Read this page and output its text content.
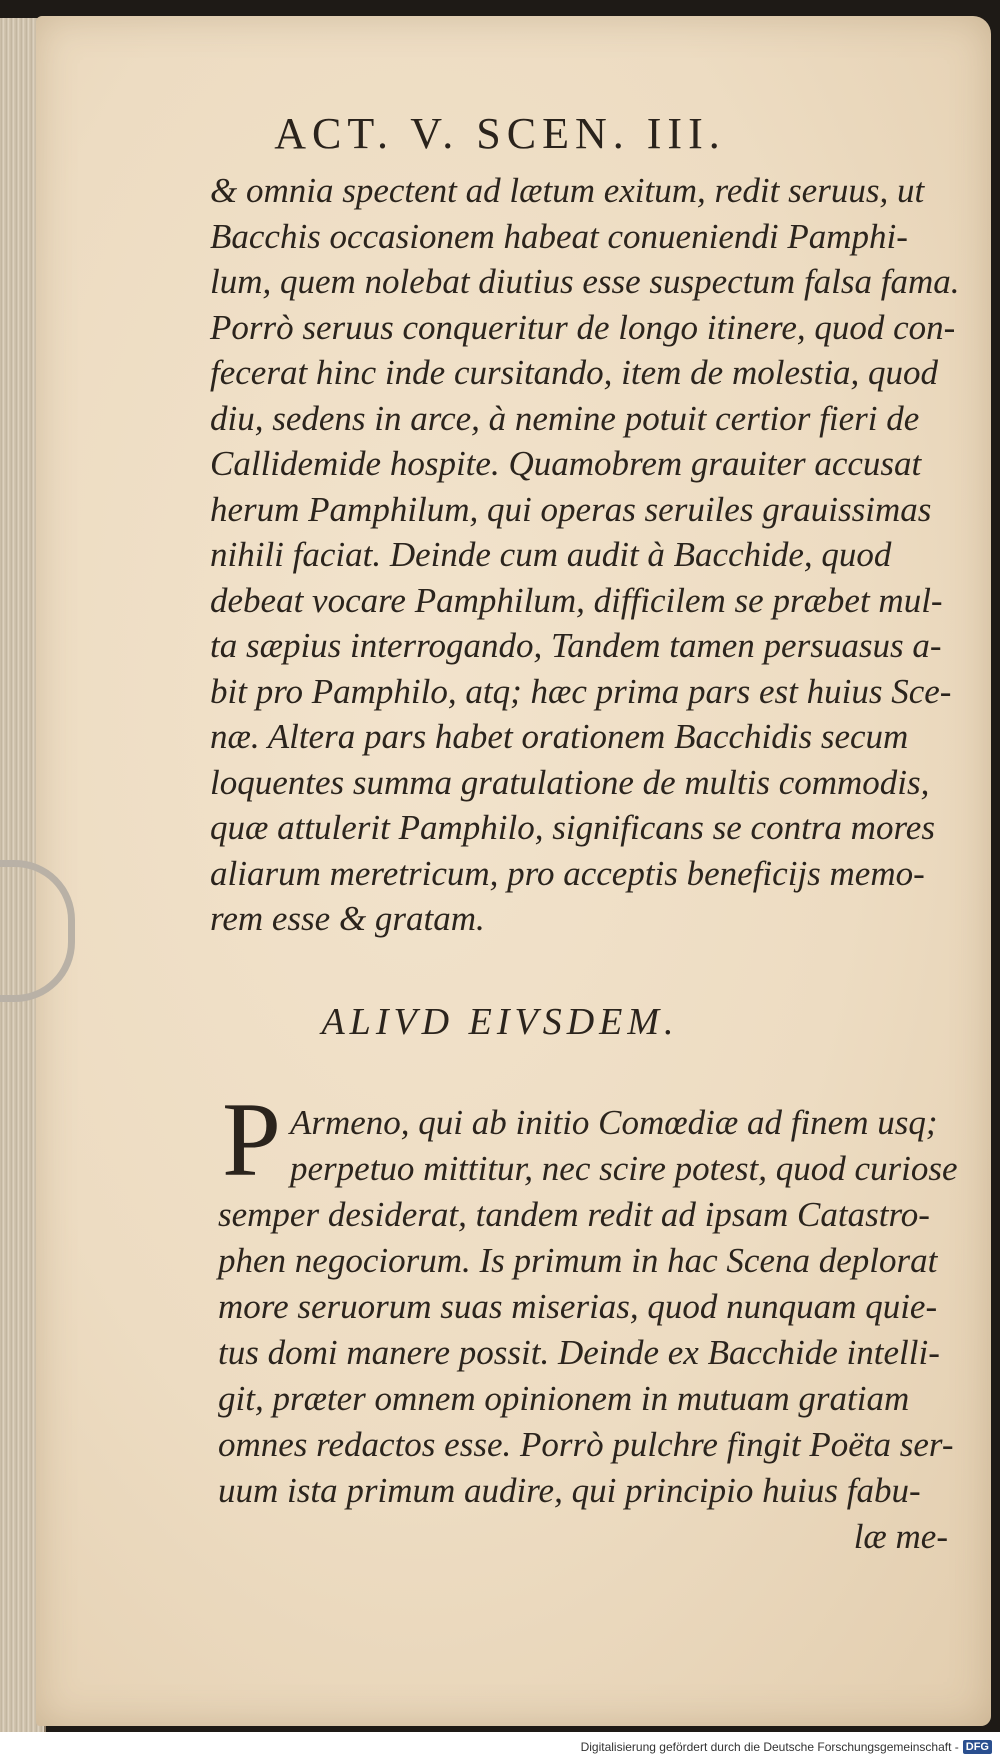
ACT. V. SCEN. III.
& omnia spectent ad lætum exitum, redit seruus, ut
Bacchis occasionem habeat conueniendi Pamphi-
lum, quem nolebat diutius esse suspectum falsa fama.
Porrò seruus conqueritur de longo itinere, quod con-
fecerat hinc inde cursitando, item de molestia, quod
diu, sedens in arce, à nemine potuit certior fieri de
Callidemide hospite. Quamobrem grauiter accusat
herum Pamphilum, qui operas seruiles grauissimas
nihili faciat. Deinde cum audit à Bacchide, quod
debeat vocare Pamphilum, difficilem se præbet mul-
ta sæpius interrogando, Tandem tamen persuasus a-
bit pro Pamphilo, atq; hæc prima pars est huius Sce-
næ. Altera pars habet orationem Bacchidis secum
loquentes summa gratulatione de multis commodis,
quæ attulerit Pamphilo, significans se contra mores
aliarum meretricum, pro acceptis beneficijs memo-
rem esse & gratam.
ALIVD EIVSDEM.
P Armeno, qui ab initio Comœdiæ ad finem usq;
perpetuo mittitur, nec scire potest, quod curiose
semper desiderat, tandem redit ad ipsam Catastro-
phen negociorum. Is primum in hac Scena deplorat
more seruorum suas miserias, quod nunquam quie-
tus domi manere possit. Deinde ex Bacchide intelli-
git, præter omnem opinionem in mutuam gratiam
omnes redactos esse. Porrò pulchre fingit Poëta ser-
uum ista primum audire, qui principio huius fabu-
læ me-
Digitalisierung gefördert durch die Deutsche Forschungsgemeinschaft - DFG
